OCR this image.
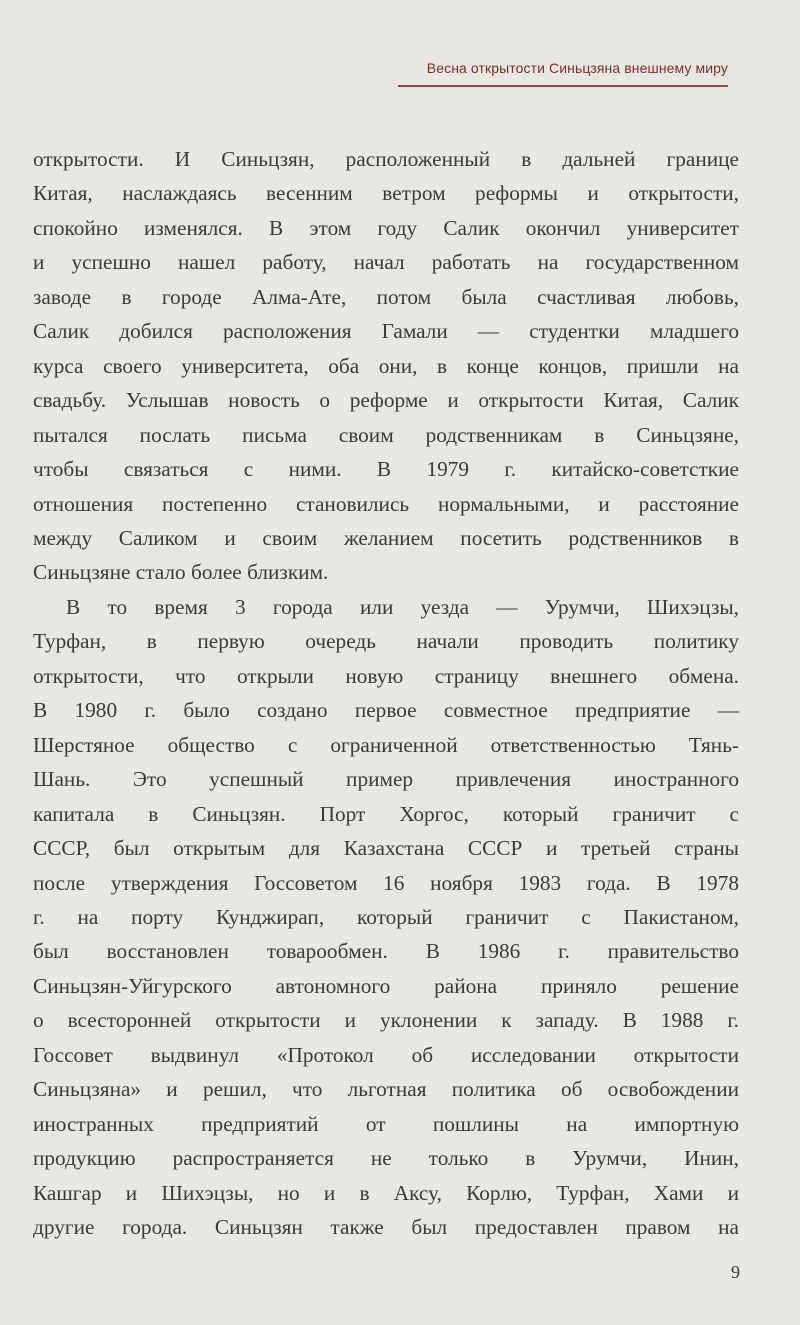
Весна открытости Синьцзяна внешнему миру
открытости. И Синьцзян, расположенный в дальней границе
Китая, наслаждаясь весенним ветром реформы и открытости,
спокойно изменялся. В этом году Салик окончил университет
и успешно нашел работу, начал работать на государственном
заводе в городе Алма-Ате, потом была счастливая любовь,
Салик добился расположения Гамали — студентки младшего
курса своего университета, оба они, в конце концов, пришли на
свадьбу. Услышав новость о реформе и открытости Китая, Салик
пытался послать письма своим родственникам в Синьцзяне,
чтобы связаться с ними. В 1979 г. китайско-советсткие
отношения постепенно становились нормальными, и расстояние
между Саликом и своим желанием посетить родственников в
Синьцзяне стало более близким.
В то время 3 города или уезда — Урумчи, Шихэцзы,
Турфан, в первую очередь начали проводить политику
открытости, что открыли новую страницу внешнего обмена.
В 1980 г. было создано первое совместное предприятие —
Шерстяное общество с ограниченной ответственностью Тянь-
Шань. Это успешный пример привлечения иностранного
капитала в Синьцзян. Порт Хоргос, который граничит с
СССР, был открытым для Казахстана СССР и третьей страны
после утверждения Госсоветом 16 ноября 1983 года. В 1978
г. на порту Кунджирап, который граничит с Пакистаном,
был восстановлен товарообмен. В 1986 г. правительство
Синьцзян-Уйгурского автономного района приняло решение
о всесторонней открытости и уклонении к западу. В 1988 г.
Госсовет выдвинул «Протокол об исследовании открытости
Синьцзяна» и решил, что льготная политика об освобождении
иностранных предприятий от пошлины на импортную
продукцию распространяется не только в Урумчи, Инин,
Кашгар и Шихэцзы, но и в Аксу, Корлю, Турфан, Хами и
другие города. Синьцзян также был предоставлен правом на
9
